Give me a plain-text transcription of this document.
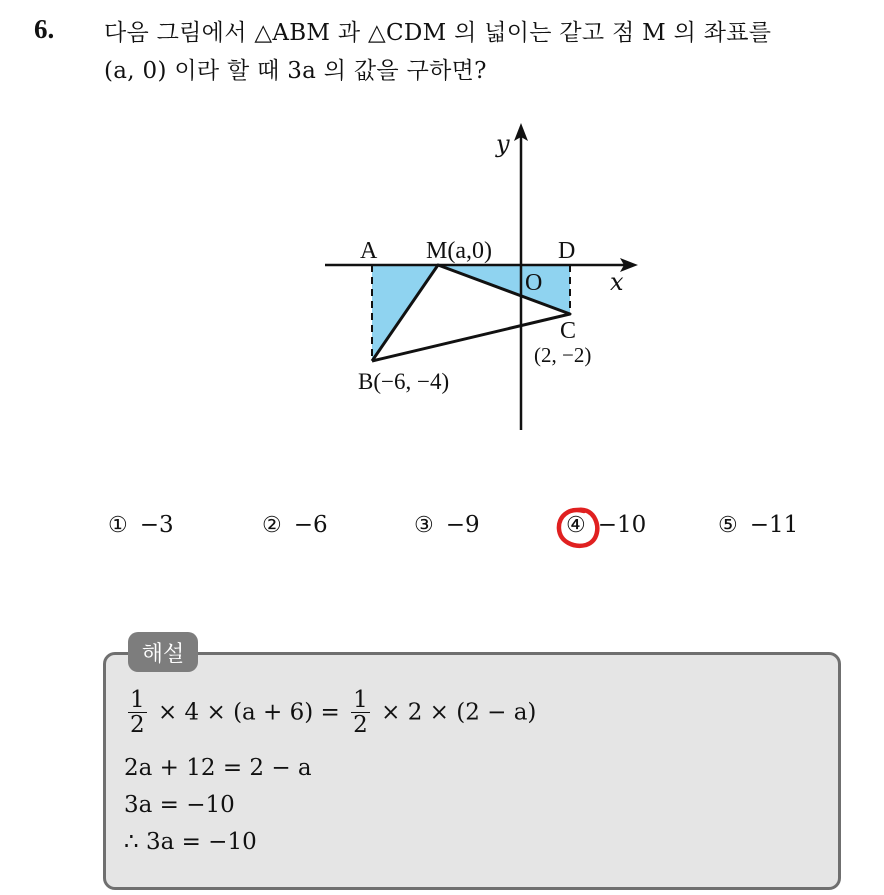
6. 다음 그림에서 △ABM 과 △CDM 의 넓이는 같고 점 M 의 좌표를
(a, 0) 이라 할 때 3a 의 값을 구하면?
y
x
A M(a,0)	D
O
C
(2, −2)
B(−6, −4)
① −3	② −6	③ −9	④ −10	⑤ −11
해설
$\frac{1}{2} \times 4 \times (a + 6) = \frac{1}{2} \times 2 \times (2 - a)$
2a + 12 = 2 − a
3a = −10
∴ 3a = −10
